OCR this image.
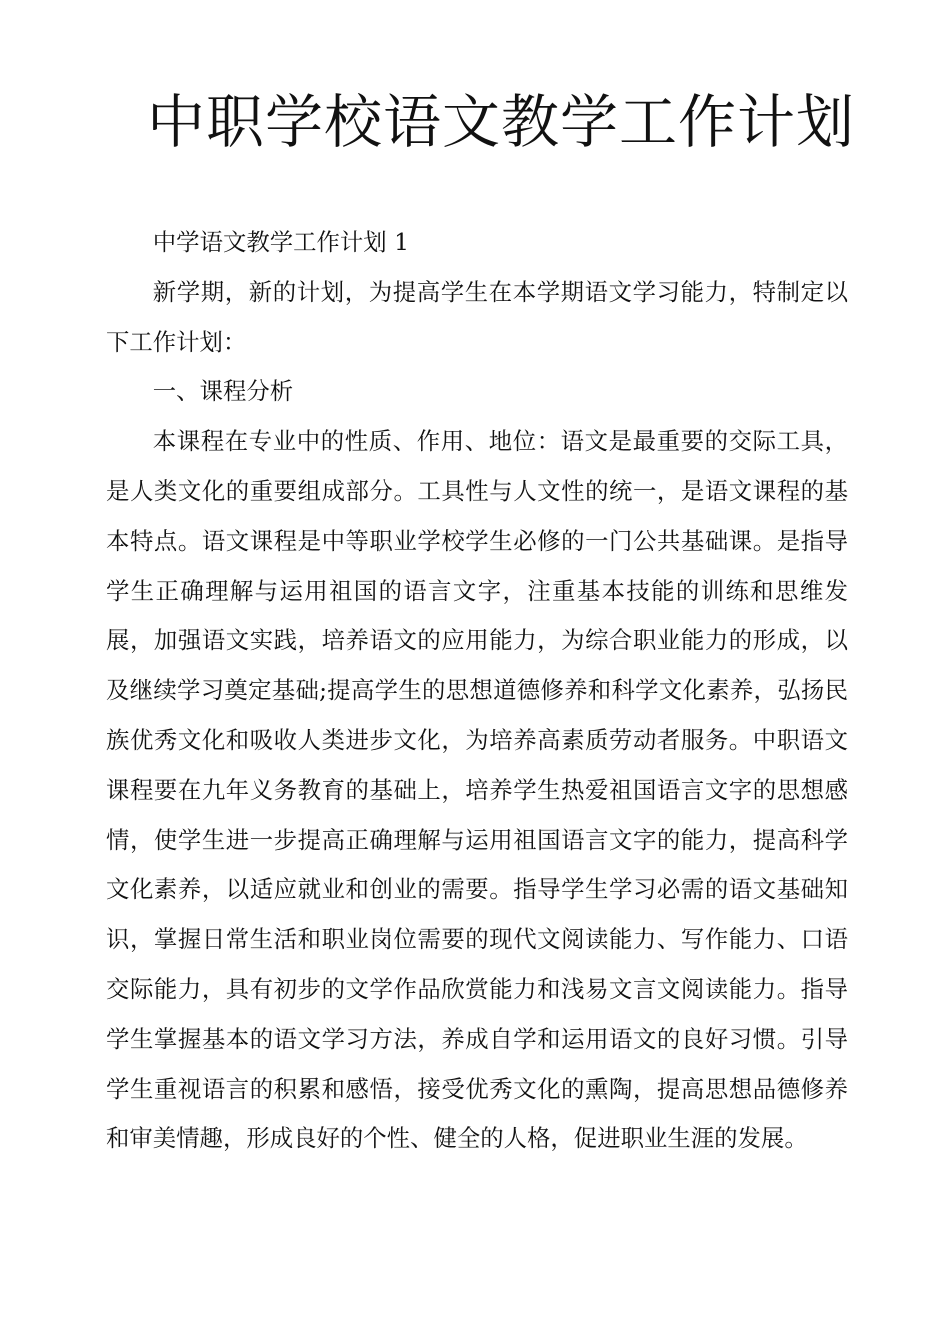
中职学校语文教学工作计划

中学语文教学工作计划 1

新学期，新的计划，为提高学生在本学期语文学习能力，特制定以下工作计划：

一、课程分析

本课程在专业中的性质、作用、地位：语文是最重要的交际工具，是人类文化的重要组成部分。工具性与人文性的统一，是语文课程的基本特点。语文课程是中等职业学校学生必修的一门公共基础课。是指导学生正确理解与运用祖国的语言文字，注重基本技能的训练和思维发展，加强语文实践，培养语文的应用能力，为综合职业能力的形成，以及继续学习奠定基础;提高学生的思想道德修养和科学文化素养，弘扬民族优秀文化和吸收人类进步文化，为培养高素质劳动者服务。中职语文课程要在九年义务教育的基础上，培养学生热爱祖国语言文字的思想感情，使学生进一步提高正确理解与运用祖国语言文字的能力，提高科学文化素养，以适应就业和创业的需要。指导学生学习必需的语文基础知识，掌握日常生活和职业岗位需要的现代文阅读能力、写作能力、口语交际能力，具有初步的文学作品欣赏能力和浅易文言文阅读能力。指导学生掌握基本的语文学习方法，养成自学和运用语文的良好习惯。引导学生重视语言的积累和感悟，接受优秀文化的熏陶，提高思想品德修养和审美情趣，形成良好的个性、健全的人格，促进职业生涯的发展。
